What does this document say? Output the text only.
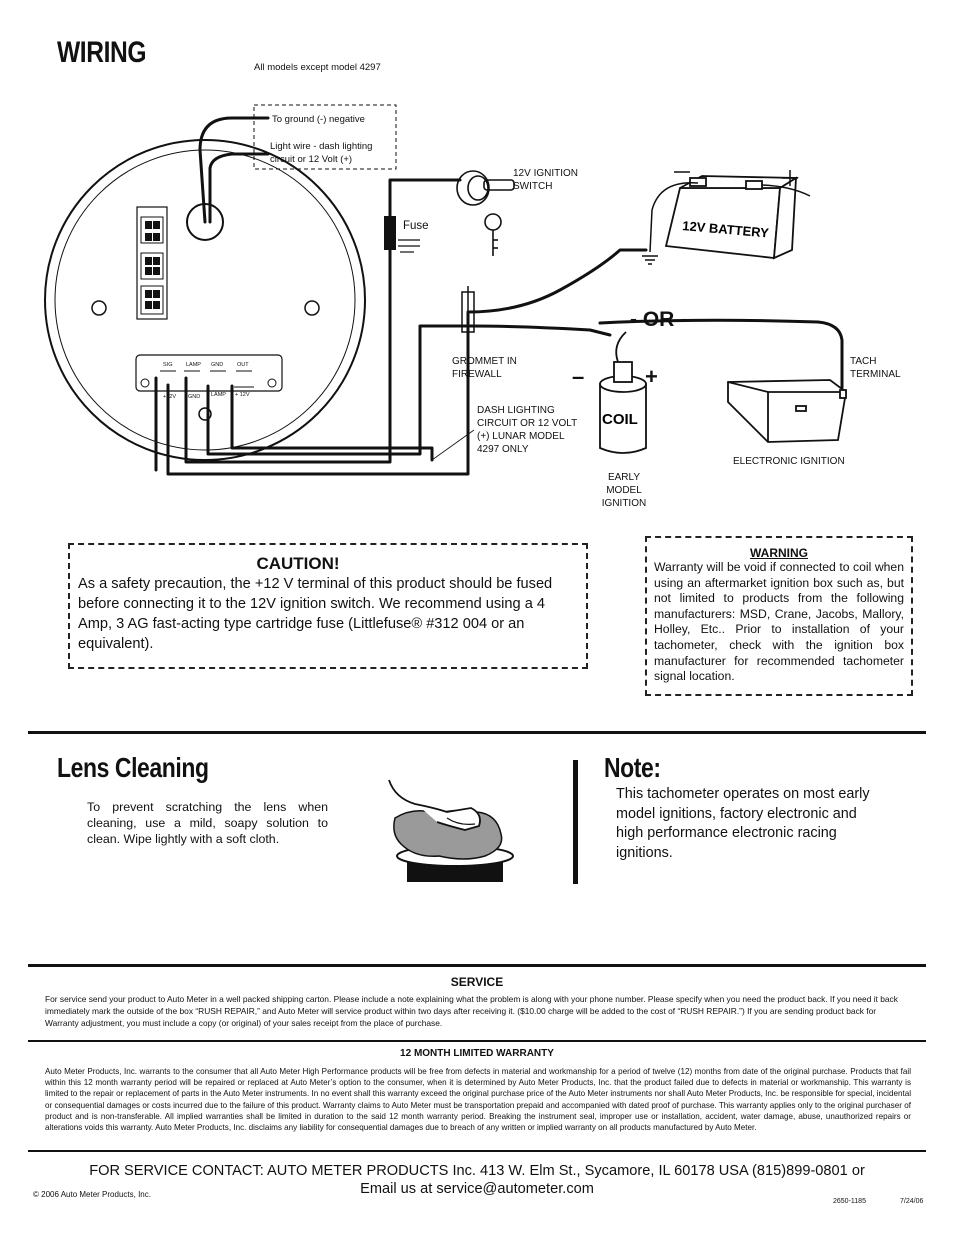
WIRING
SIG LAMP GND	OUT
+12V GND LAMP + 12V
12V BATTERY
COIL
All models except model 4297
To ground (-) negative
Light wire - dash lighting circuit or 12 Volt (+)
Fuse
12V IGNITION SWITCH
- OR -
–	+
GROMMET IN FIREWALL
TACH TERMINAL
DASH LIGHTING CIRCUIT OR 12 VOLT (+) LUNAR MODEL 4297 ONLY
EARLY MODEL IGNITION
ELECTRONIC IGNITION
CAUTION!
As a safety precaution, the +12 V terminal of this product should be fused before connecting it to the 12V ignition switch. We recommend using a 4 Amp, 3 AG fast-acting type cartridge fuse (Littlefuse® #312 004 or an equivalent).
WARNING
Warranty will be void if connected to coil when using an aftermarket ignition box such as, but not limited to products from the following manufacturers: MSD, Crane, Jacobs, Mallory, Holley, Etc.. Prior to installation of your tachometer, check with the ignition box manufacturer for recommended tachometer signal location.
Lens Cleaning
To prevent scratching the lens when cleaning, use a mild, soapy solution to clean. Wipe lightly with a soft cloth.
Note:
This tachometer operates on most early model ignitions, factory electronic and high performance electronic racing ignitions.
SERVICE
For service send your product to Auto Meter in a well packed shipping carton. Please include a note explaining what the problem is along with your phone number. Please specify when you need the product back. If you need it back immediately mark the outside of the box “RUSH REPAIR,” and Auto Meter will service product within two days after receiving it. ($10.00 charge will be added to the cost of “RUSH REPAIR.”) If you are sending product back for Warranty adjustment, you must include a copy (or original) of your sales receipt from the place of purchase.
12 MONTH LIMITED WARRANTY
Auto Meter Products, Inc. warrants to the consumer that all Auto Meter High Performance products will be free from defects in material and workmanship for a period of twelve (12) months from date of the original purchase. Products that fail within this 12 month warranty period will be repaired or replaced at Auto Meter’s option to the consumer, when it is determined by Auto Meter Products, Inc. that the product failed due to defects in material or workmanship. This warranty is limited to the repair or replacement of parts in the Auto Meter instruments. In no event shall this warranty exceed the original purchase price of the Auto Meter instruments nor shall Auto Meter Products, Inc. be responsible for special, incidental or consequential damages or costs incurred due to the failure of this product. Warranty claims to Auto Meter must be transportation prepaid and accompanied with dated proof of purchase. This warranty applies only to the original purchaser of product and is non-transferable. All implied warranties shall be limited in duration to the said 12 month warranty period. Breaking the instrument seal, improper use or installation, accident, water damage, abuse, unauthorized repairs or alterations voids this warranty. Auto Meter Products, Inc. disclaims any liability for consequential damages due to breach of any written or implied warranty on all products manufactured by Auto Meter.
FOR SERVICE CONTACT: AUTO METER PRODUCTS Inc. 413 W. Elm St., Sycamore, IL 60178 USA (815)899-0801 or
Email us at service@autometer.com
© 2006 Auto Meter Products, Inc.
2650-1185	7/24/06
